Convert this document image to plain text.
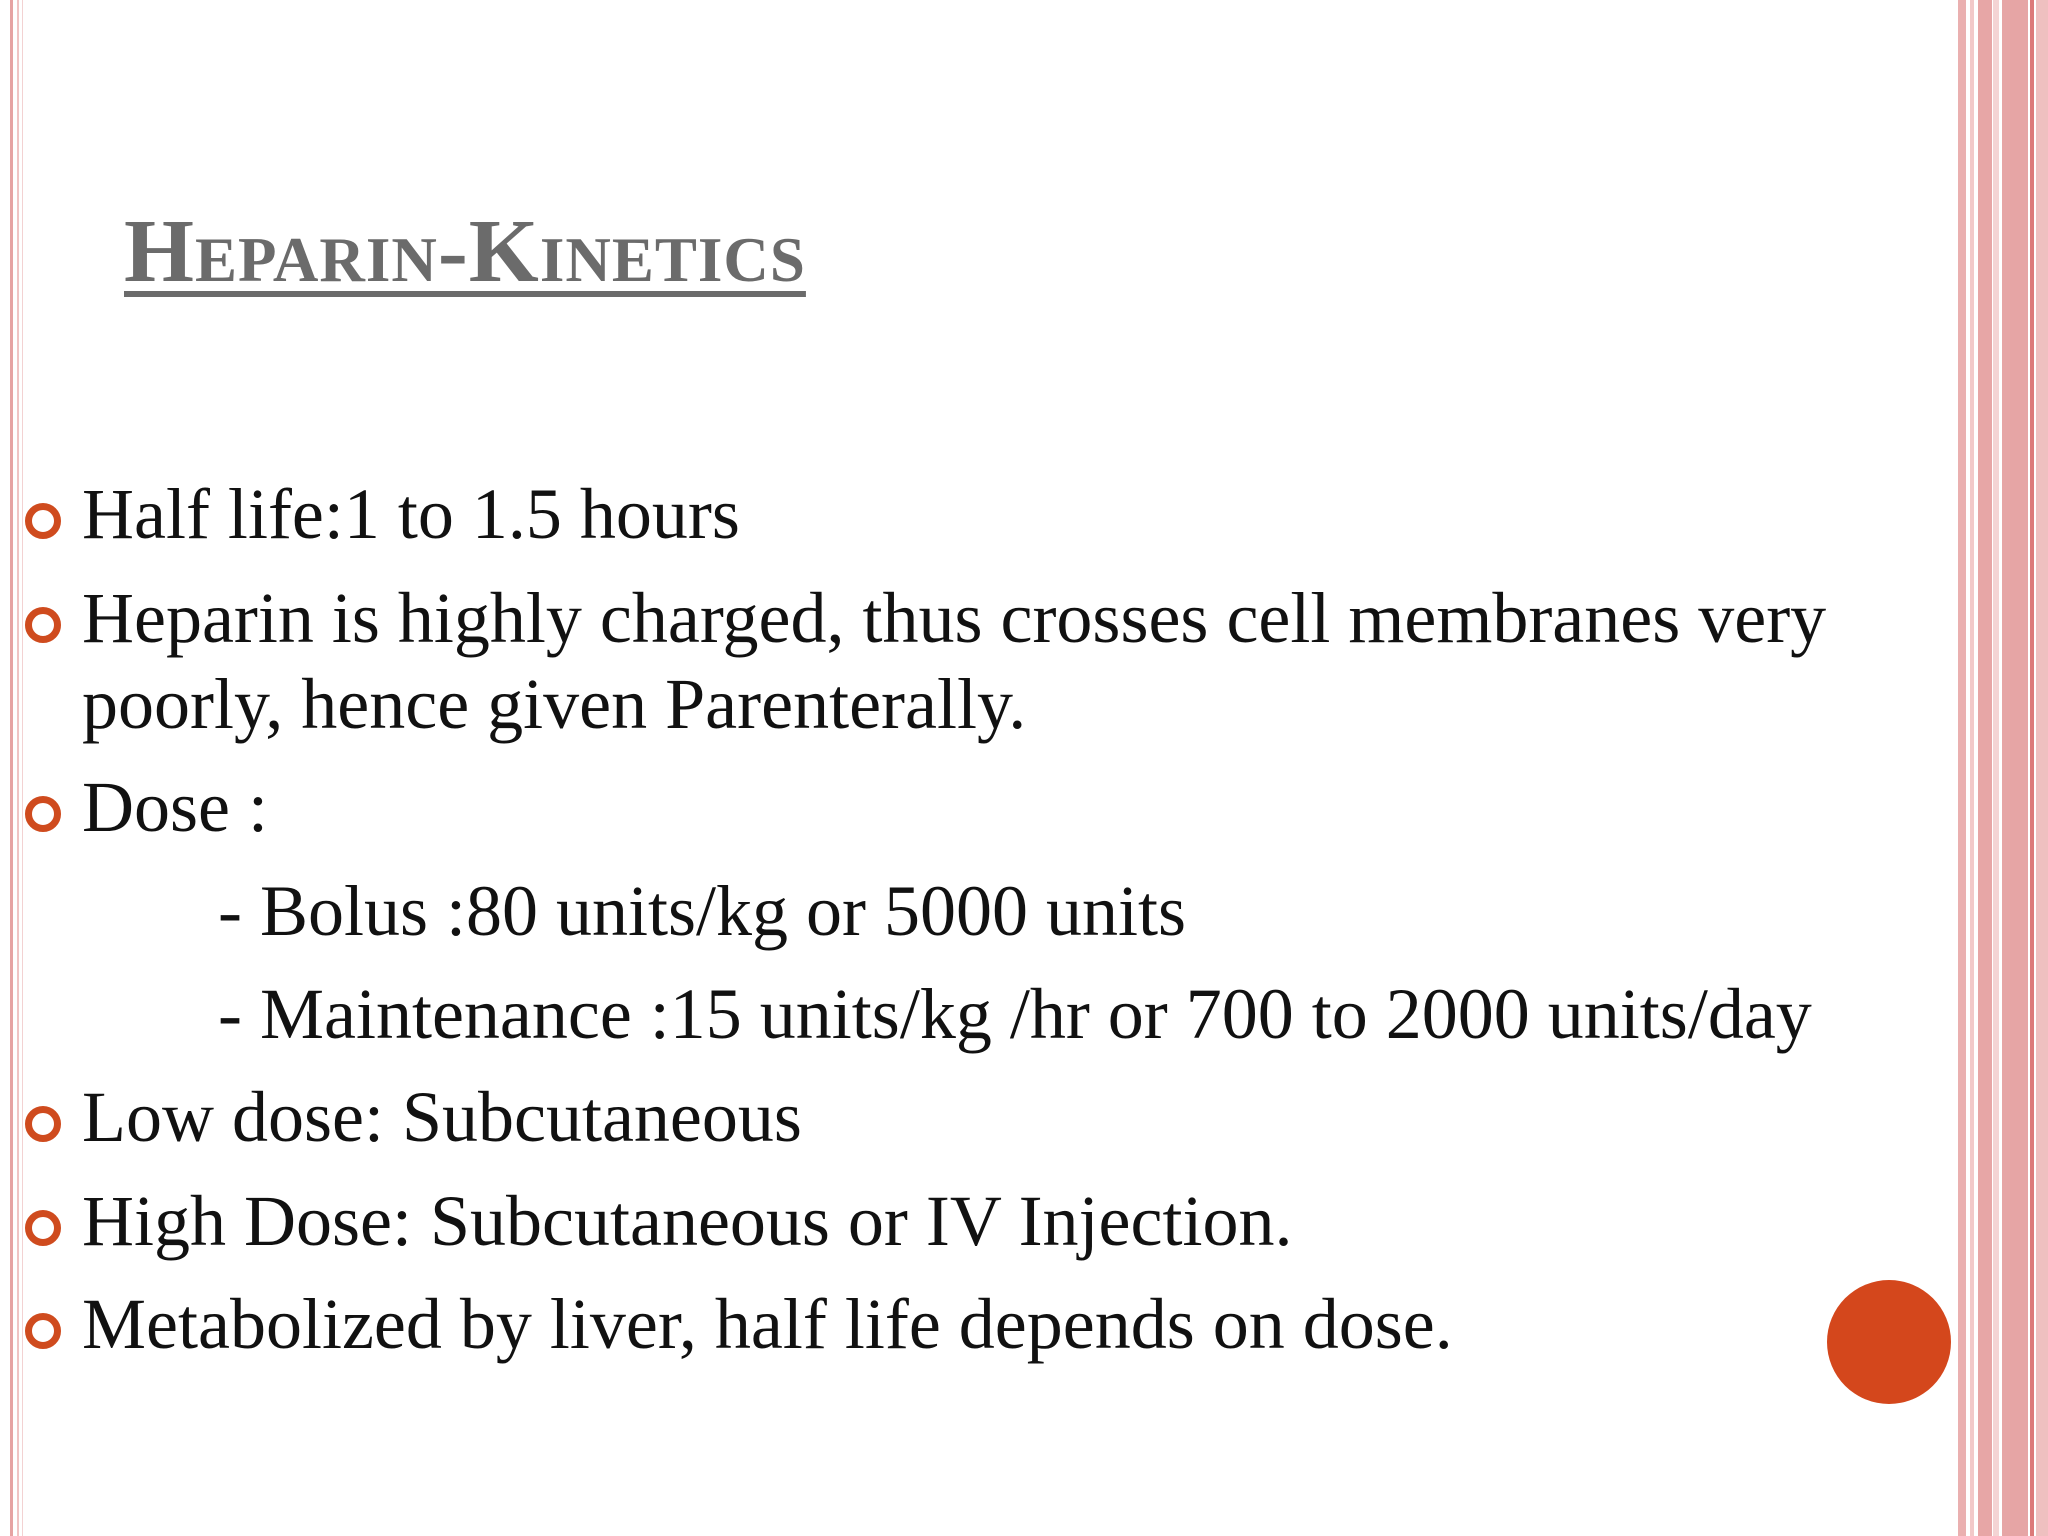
Heparin-Kinetics
Half life:1 to 1.5 hours
Heparin is highly charged, thus crosses cell membranes very
poorly, hence given Parenterally.
Dose :
- Bolus :80 units/kg or 5000 units
- Maintenance :15 units/kg /hr or 700 to 2000 units/day
Low dose: Subcutaneous
High Dose: Subcutaneous or IV Injection.
Metabolized by liver, half life depends on dose.
